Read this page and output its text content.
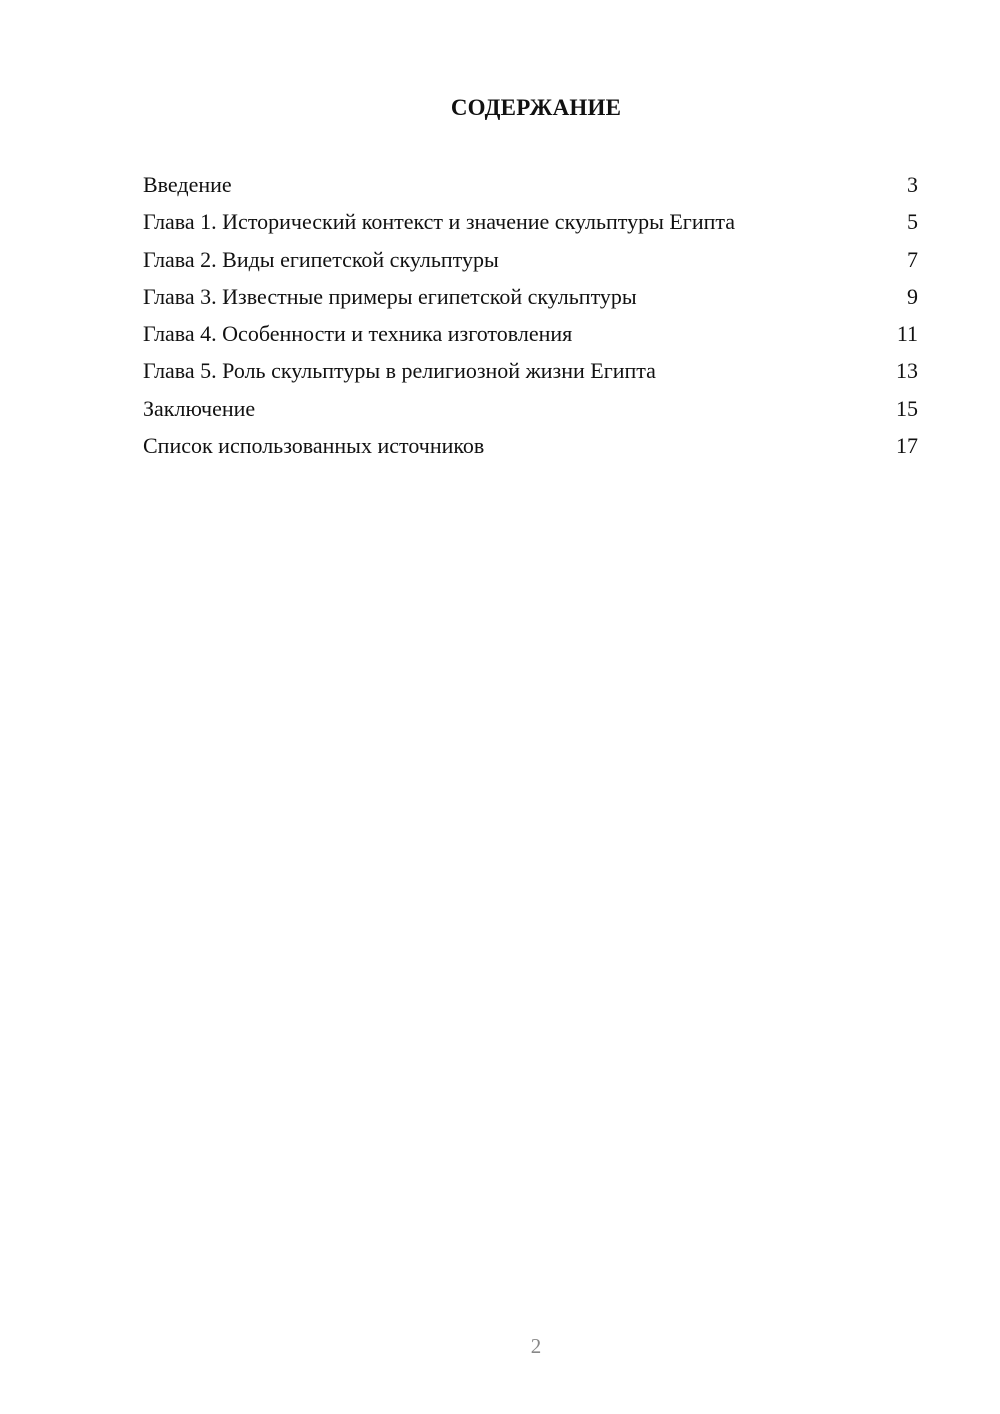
СОДЕРЖАНИЕ
Введение	3
Глава 1. Исторический контекст и значение скульптуры Египта	5
Глава 2. Виды египетской скульптуры	7
Глава 3. Известные примеры египетской скульптуры	9
Глава 4. Особенности и техника изготовления	11
Глава 5. Роль скульптуры в религиозной жизни Египта	13
Заключение	15
Список использованных источников	17
2
